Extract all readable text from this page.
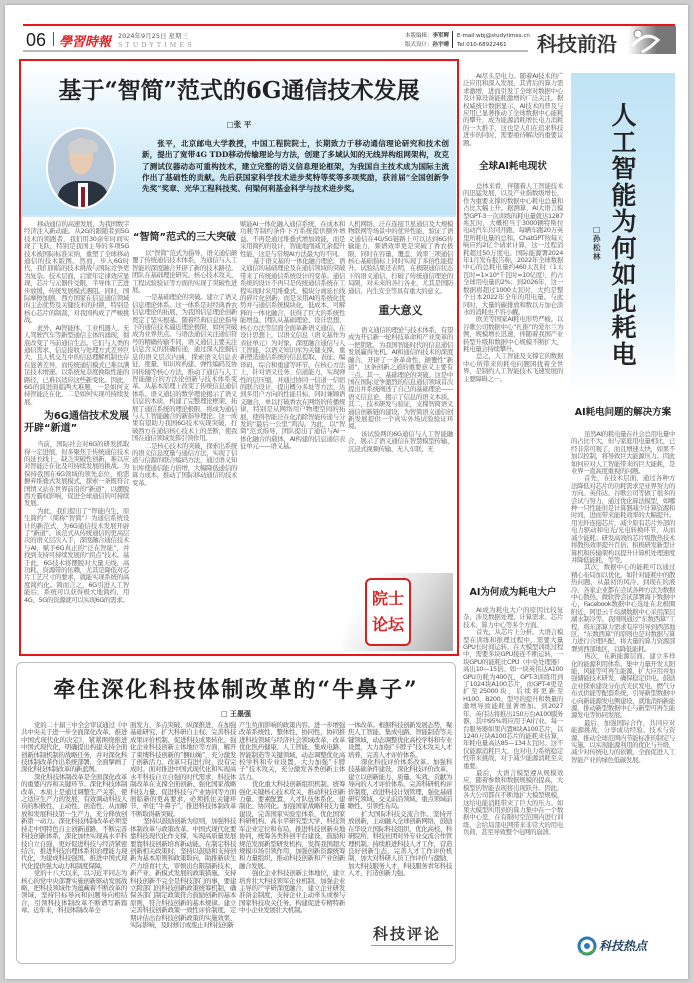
06 學習時報 2024年9月25日 星期三
STUDYTIMES
本版编辑：李军辉
版式设计：孙宇晴
E-mail:wbj@studytimes.cn
Tel:010-68922461	科技前沿
基于“智简”范式的6G通信技术发展
□张 平
张平，北京邮电大学教授，中国工程院院士，长期致力于移动通信理论研究和技术创新，提出了宽带4G TDD移动传输理论与方法，创建了多域认知的无线异构组网架构，攻克了测试仪器动态可重构技术，建立完整的语义信息理论框架，为我国自主技术成为国际主流作出了基础性的贡献。先后获国家科学技术进步奖特等奖等多项奖励，获首届“全国创新争先奖”奖章、光华工程科技奖、何梁何利基金科学与技术进步奖。

移动通信的高速发展，为我国数字经济注入新动能。从2G的跟随者到5G技术的领跑者，我们用30余年时间实现了飞跃，特别是我国主导的多项5G技术被国际标准采纳，重塑了全球移动通信的技术版图。然而，步入6G时代，我们面临的技术挑战与国际竞争更为复杂。技术层面，启蒙年定律效应显现，芯片与元器件受限，半导体工艺进步放缓，传统发展模式遇阻。同时，国际摩擦加剧，西方国家在信息通信领域的主态优势及关键技术的封锁，特别是核心芯片的制裁，对我国构成了严峻挑战。

此外，AI智能体、工业机器人、无人驾驶汽车等新型通信主体的涌现，彻底改变了当前通信生态。它们与人类的通信需求、信息接收与处理方式差异巨大，且人机交互中的信息理解机制也存在显著差异，而传统通信模式已难以满足技术增速。以系统复杂度换取性能的路径，已难以适应这些新变化。因此，6G的演进面临两大难题，一是如何支持智能泛在化，二是如何实现可持续发展。

为6G通信技术发展
开辟“新道”

当前，国际社会对6G的研发抓取得一定进展，但多聚焦于传统通信技术的延长线上，缺乏突破性创新，难以应对智能泛在化及可持续发展的挑战。为保持我国在6G领域的领先态位，亟需摒弃堆叠式发展模式，探索一条既符合国情又站在世界前沿的“新道”，以摆脱西方霸权影响，促进全球通信的可持续发展。

为此，我们提出了“智能内生，原生简约”（简称“智简”）为通信系统设计的新范式，为6G通信技术发展开辟了“新道”。该范式从传统通信的更高层次的语义层次入手，深度融合通信技术与AI，赋予6G真正的“泛在智能”，并找到支持可持续发展的“拐点”技术。基于此，6G技术将摆脱对大量天线、高功耗、资源带的依赖，尤其是降低对芯片工艺尺寸的要求，就能实现系统的高度简约化。简而言之，6G引进人工智能后，系统可以获得极大地简约，用4G、5G的资源就可以实现6G的需求。

“智简”范式的三大突破

以“智简”范式为指导，语义通信颠覆了传统通信技术体系，为通信与人工智能的深度融合开辟了新的技术路径。团队在基础理论研究、核心技术攻关、工程试验验证等方面的实现了突破性进展。

一是基础理论的突破。建立了语义信息理论体系。这一体系是对经典香农信息理论的拓展，为我国信息理论创新奠定了坚实根基。随着经典信息论指导下的通信技术逼近理论极限，如何突破成为业界焦点。与语法通信关注通信符号的精确传输不同，语义通信主要关注信息含义的准确传递，通过深入挖掘信息的语义层次内涵，探索语义信息表征、度量、知识库构建、弹性编码及协同传输等核心方法，推动了通信与人工智能融合的方法论创新与技术体系变革。从基本原理上改变了传统信息通信体系。语义通信的数学理论揭示了语义信息的本质，构建了完整理论框架，拓展了通信系统的理论极限，将成为通信与人工智能融合的新指导理论。这一成果有望助力我国6G技术实现突破，打破西方在通信核心技术上的垄断，使我国在通信领域发挥引领作用。

二是核心技术的突破，探索出系统的语义信息度量与通信方法，实现了信道与信源的联合编码方法，通过语义知识库使通信能力倍增，大幅降低通信的算力成本，推动了国际移动通信的技术变革。

赋能AI一体化融入通信系统，在成本和功耗等制约条件下方系统提供额外增益。不再是通过堆叠式增加效能，而是采用简约的设计，智能地削减冗余提升性能，这是与常规AI方法最大的不同。

基于语义基的一体化融合理论，语义通信的基础理论及在通信领域的突破带来了传统通信系统设计的变革。通信系统的设计不再只是传统通信系统在工程实现时采用堆叠式、模块分离延长线的碎片化创新，而是采用AI的系统化优势并与通信系统模块化，低成本、可解释的一体化融合，获得了巨大的系统性能增益。团队从基础理论、设计思想、核心方法等层面全面革新语义通信。在设计思想上，以语义信息（语义基作为表征单元）为对象，深度融合通信与人工智能，以语义知识库为关键支撑，重新塑造通信系统的信息提取、表征、编译码、综合和重建等环节。在核心方法上，针对语义任务、信道能力，实现弹性的层压缩，并通过协同一信道一信宿的联合设计，提出概分多址等方法，达到多用户方向的性能目标，同时兼顾语义融合，单以打破香农在网络的传播规律，特别是从网络用户物理空间的拓展，使得智能泛在化消除智能传递与分发的“最后一公里”鸿沟。为此，以“智简”范式指导，团队提出了通信与AI一体化融合的载体，AI构建的信息通信表征单元——语义基。

人机网络、泛在连接卫星通信及大规模物联网等场景中的优异性能，验证了语义通信在4G/5G链路上可以达到6G传输能力，频谱效率更是突破了香农极限，同时在容量、覆盖、效率三项通信核心基础指标上同时实现了多倍性能提升。试验结果还表明，在极限通信状态下的语义通信，打破了传统通信理论的局限，对未来的各行各业，尤其是国防通信、内生安全等具有重大的意义。

重大意义

语义通信的理论与技术体系，有望成为开启新一轮科技革命和产业变革的一把钥匙，为我国智能时代的信息通信发展赢得先机。AI和通信的技术的深度融合，开辟了一条革命性、颠覆性“新道”，这条创新之道的重要意义主要有三点。其一，基础理论的突破。这是中国在国际竞争激烈的信息通信领域首次提出并系统阐述了自己的基础理论——语义信息论，揭示了信息的语义本质。其二，技术研发与验证，支撑智简语义通信创新链的建设，为智简语义通信创新发展提供一个真实外场试验验证环境。

该试验网的6G通信与人工智能融合，展示了语义通信在智慧模型传输、沉浸式视频传输、无人车联、无

院士论坛

AI尽头是电力。随着AI技术的广泛应用和深入发展，其背后的算力需求激增，进而引发了全球对数据中心及计算设备能耗激增的广泛关注。据权威统计数据显示，AI技术的普及与应用已显著推动了全球数据中心能耗的攀升，成为能源消耗增长电力消耗的一大推手，这也是人们在追求科技进步的同时，需要亟待解决的重要议题。

全球AI耗电现状

总体来看，伴随着人工智能技术的迅猛发展，以及产业指数级增长，作为重要支撑的数据中心耗电总量和占比大幅上升。据测算，AI大语言模型GPT-3一次训练的耗电量就达1287兆瓦时，大概相当于3000辆特斯拉电动汽车共同开跑、每辆车跑20万英里所耗电量的总和。ChatGPT按每天响应约2亿个请求计算，这一过程消耗超过50万度电。国际能源署2024年1月发布报告称，2022年全球数据中心的总耗电量约460太瓦时（1太瓦时=1×10⁹千瓦时=10亿度），约占全球用电量的2%；到2026年，这一数据将超过1000太瓦时，大约是整个日本2022年全年的用电量。与此同时，大量的碳排放和数以万加仑淡水的消耗也不容小觑。

欧美等国家AI耗电形势严峻。以谷歌公司数据中心“扎推”的爱尔兰为例，规模增长迅速，伴随着我国产业转型升级和数据中心规模不断扩大，耗电量会持续攀升。

总之，人工智能及支撑它的数据中心所带来的耗电问题困扰着全世界，是制约人工智能技术飞速发展的主要障碍之一。

AI为何成为耗电大户

AI成为耗电大户的原因比较复杂，涉及数据处理、计算需求、芯片技术、算力中心等多个方面。

首先，从芯片上分析。大语言模型在训练和推理过程中，需要大量GPU长时间运转。在大模型训练过程中，需要多块GPU接连不断运转，一块GPU的能耗比CPU（中央处理器）高出10—15倍。如一块英伟达A100 GPU功耗为400瓦，GPT-3训练用到了1024块A100芯片，而GPT-4更是扩至25000块，后续将更新至H100、B200。型号的提升和数量的激增导致能耗显著增加。到2027年，英伟达将推出150万台A100服务器，其中95%将应用于AI行业。每一台服务器如果内置8块A100芯片，以1240万块A100芯片的能耗来估算，年耗电量高达85—134太瓦时。这不仅能源消耗巨大，也对电力系统稳定性带来挑战，对于减少能源消耗至关重要。

最后，大语言模型遵从规模效应，随着参数和数据规模的提高，大模型的智能表现将出现跃升。因此，各大公司都在不断地扩大模型规模，这给电能消耗带来了巨大的压力。如果大模型所用到的算力集中在一个数据中心里，在有限时空范围内进行训练，会给局部电网带来非常大的用电负荷，甚至导致整个电网的崩溃。

人工智能为何如此耗电
□孙松林
AI耗电问题的解决方案

虽然AI的耗电量在社会总用电量中的占比不大，但与家庭用电量相比，已经非常可观了，而且增速太快，如果不加以控制，将导致巨大能源压力。因此如何应对人工智能带来的巨大能耗，是业界一直高度重视的问题。

首先，在技术层面，通过各种方法降低对芯片的功耗需求是业界努力的方向。英伟达、谷歌公司等做了很多的尝试与努力，通过优化算法模型，如哪种一只性能但是计算器减少计算资源和时间，进而带来能耗效率的大幅提升。用光纤连接芯片，减少原有芯片外部的电力驱动和电光/光电转换环节，从而减少能耗；研发高效的芯片级散热技术将散热效率提升百倍；积极研发新型计算机和传输架构以提升计算机处理速度并降低能耗，等等。

其次，数据中心的能耗可以通过精心布局加以优化。如针对能耗中的散热问题，从最初的风冷、到现在的液冷，各家企业都在尝试各种方法为数据中心散热。微软曾尝试部署海下数据中心，Facebook数据中心选址在北极圈附近，阿里云千岛湖数据中心采用深层湖水制冷等。我国则通过“东数西算”工程，将东部算力需求有序引导到西部地区，“东数西算”的原则也是对数据与算力进行合理匹配，将大量的算力资源部署到西部地区，以降低能耗。

再次，在新能源层面，建立多样化的能源利用体系。集中力量开发太阳能、风能等可再生能源，扩大应用并加强储能技术研发，确保稳定供电。鼓励企业探索建设分布式光伏发电、燃气分布式供能等配套系统，引导新型数据中心向新能源发电侧建设，就地消纳新能源，推动新型数据中心与新型可再生能源发电等协同发展。

最后，加强国际合作，共同应对能源挑战，分享成功经验、技术与资源，推动全球范围内节能标准的制定与实施。以实现能源利用的优化与升级，减少对传统电力的依赖，全面促进人工智能产业的绿色低碳发展。

科技热点
牵住深化科技体制改革的“牛鼻子”
□ 王墨强

党的二十届三中全会审议通过《中共中央关于进一步全面深化改革、推进中国式现代化的决定》，紧紧围绕推进中国式现代化，明确提出构建支持全面创新体制机制的战略任务，并对深化科技体制改革作出系统部署，全面擘画了深化科技体制改革的新蓝图。

深化科技体制改革是全面深化改革的重要内容和关键环节。深化科技体制改革，本质上是通过调整生产关系，使之适应生产力的发展，有效调动科技人员的积极性、主动性、创造性，从而解放和发展科技第一生产力，充分释放创新第一动力。深化科技体制改革必须坚持走中国特色自主创新道路，不断完善科技创新体系，深化加快实现高水平科技自立自强，更好促进科技与经济紧密结合，推进科技治理体系和治理能力现代化，为建成科技强国、推进中国式现代化提供强大动力和制度保障。

党的十八大以来，以习近平同志为核心的党中央部署实施创新驱动发展战略，把科技领域作为蕴藏着不断改革的领域，坚持目标导向和问题导向相结合，引领科技体制改革不断谱写新篇章。近年来，科技体制改革全

面发力、多点突破、纵深推进，在加强基础研究、扩大科研自主权、完善科技成果评价机制、促进科技成果转化、强化企业科技创新主体地位等方面，解开了束缚科技创新的“捆仙绳”，充分激发了创新活力。改革只有进行时，没有完成时。面对推进中国式现代化和实现高水平科技自立自强的时代需求，科技体制改革在支撑全面创新、强化国家战略科技力量、促进科技与产业协同等方面面临新的更高要求，必须抓住关键环节，牵住“牛鼻子”，推进科技体制改革不断取得新突破。

坚持以鼓励创新为原则，加强科技体制改革与政策改革。中国式现代化要靠科技现代化作支撑，实现高质量发展要靠科技创新培育新动能。在制定科技创新相关政策时，坚持以鼓励和支持创新为基本原则和政策取向，助推新质生产力培育壮大，审慎出台限制新技术、新产业、新模式发展的政策措施。支持科技创新不完全是科技部门的事，要建立跨部门的科技创新政策统筹机制，确保各部门制定政策符合鼓励创新的基本原则，符合科技创新的基本规律。建立完善科技创新政策一致性评价制度，定期评估出台科技创新政策的实施效果、实际影响，及时修订或废止对科技创新

产生负面影响的政策内容。进一步增强改革系统性、整体性、协同性，协同推进科技领域与经济社会领域改革，改革优化医药健康、人工智能、集成电路、智能制造等关键领域，动态调整优化高校学科和专业设置，大力加强“卡脖子”技术攻关，充分激发各类创新主体活力。

优化重大科技创新组织机制。统筹强化关键核心技术攻关，推动科技创新力量、要素配置、人才队伍体系化、建制化、协同化。加强国家战略科技力量建设，完善国家实验室体系，优化国家科研机构、高水平研究型大学、科技领军企业定位和布局，推进科技创新央地协同，统筹各类科创平台建设，鼓励和规范发展新型研发机构，发挥我国超大规模市场引领作用，加强创新资源统筹和力量组织，推动科技创新和产业创新融合发展。

强化企业科技创新主体地位，建立培育壮大科技领军企业机制，加强企业主导的产学研深度融合，建立企业研发准备金制度，支持企业主动牵头或参与国家科技攻关任务。构建促进专精特新中小企业发展壮大机制。

一体改革。根据科技创新发展态势，聚焦人工智能、集成电路、智能制造等关键领域，动态调整优化高校学科和专业设置，大力加强“卡脖子”技术攻关人才培养，完善人才评价体系。

深化科技评价体系改革。加强科技基础条件建设，深化科技评价改革，建立以创新能力、质量、实效、贡献为导向的人才评价体系。完善科研机构评价制度，改进科技计划管理，强化基础研究领域、交叉前沿领域、重点领域前瞻性、引领性布局。

扩大国际科技交流合作。坚持开放创新，主动融入全球创新网络，鼓励在华设立国际科技组织，优化高校、科研院所、科技社团对外专业交流合作管理机制。持续推进科技人才工作，营造良好创新生态，完善人才工作评价机制，加大对科研人员工作评价与激励，加大科技服务人才，科技服务青年科技人才，打造创新力强。

科技评论
